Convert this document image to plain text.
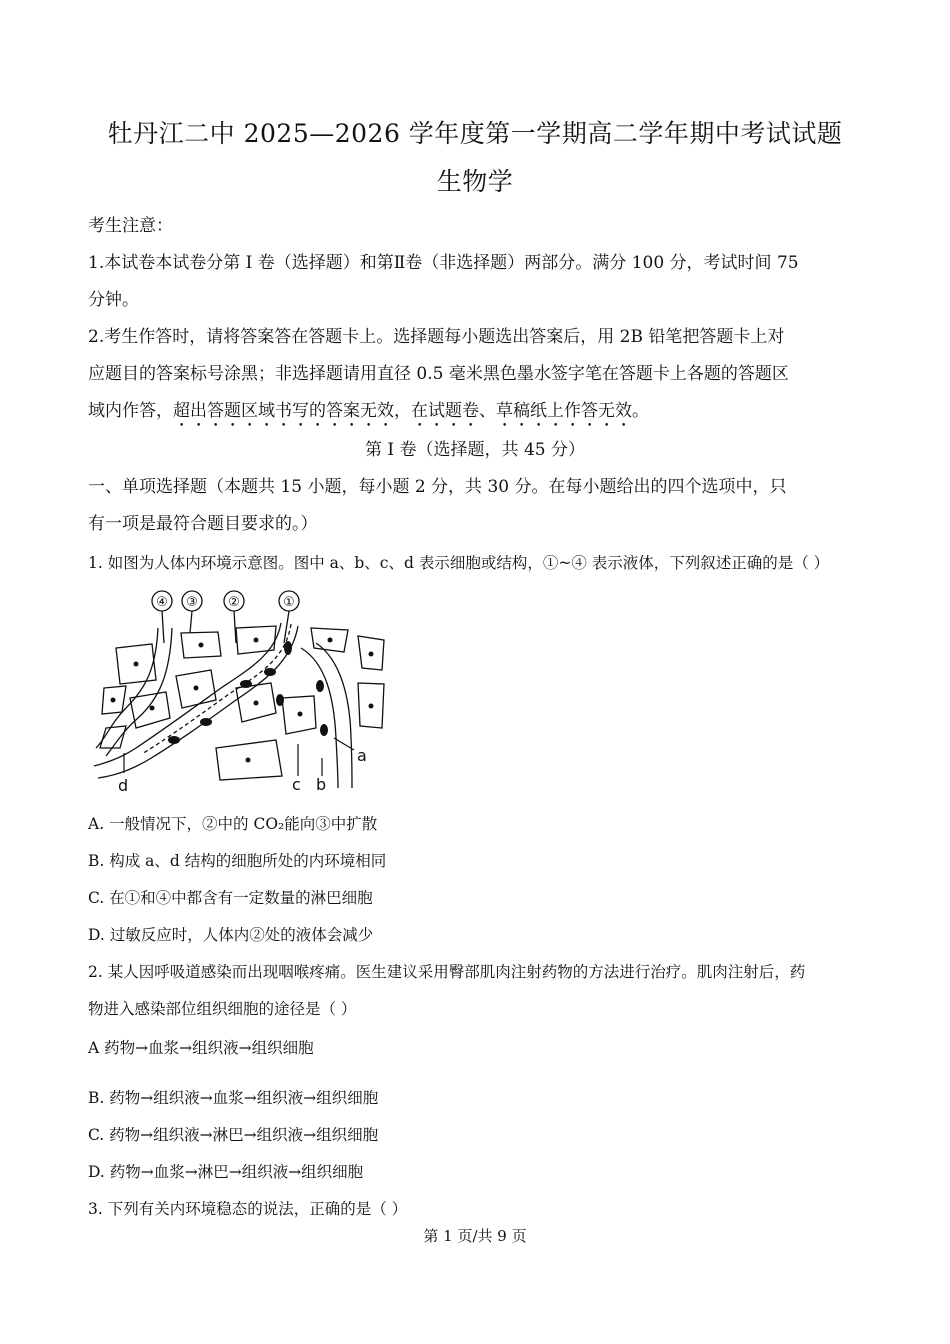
牡丹江二中 2025—2026 学年度第一学期高二学年期中考试试题
生物学
考生注意：
1.本试卷本试卷分第 I 卷（选择题）和第Ⅱ卷（非选择题）两部分。满分 100 分，考试时间 75
分钟。
2.考生作答时，请将答案答在答题卡上。选择题每小题选出答案后，用 2B 铅笔把答题卡上对
应题目的答案标号涂黑；非选择题请用直径 0.5 毫米黑色墨水签字笔在答题卡上各题的答题区
域内作答，超出答题区域书写的答案无效，在试题卷、草稿纸上作答无效。
第 I 卷（选择题，共 45 分）
一、单项选择题（本题共 15 小题，每小题 2 分，共 30 分。在每小题给出的四个选项中，只
有一项是最符合题目要求的。）
1. 如图为人体内环境示意图。图中 a、b、c、d 表示细胞或结构，①~④ 表示液体，下列叙述正确的是（ ）
a
b
c
d
④ ③ ②	①
A. 一般情况下，②中的 CO₂能向③中扩散
B. 构成 a、d 结构的细胞所处的内环境相同
C. 在①和④中都含有一定数量的淋巴细胞
D. 过敏反应时，人体内②处的液体会减少
2. 某人因呼吸道感染而出现咽喉疼痛。医生建议采用臀部肌肉注射药物的方法进行治疗。肌肉注射后，药
物进入感染部位组织细胞的途径是（ ）
A 药物→血浆→组织液→组织细胞
B. 药物→组织液→血浆→组织液→组织细胞
C. 药物→组织液→淋巴→组织液→组织细胞
D. 药物→血浆→淋巴→组织液→组织细胞
3. 下列有关内环境稳态的说法，正确的是（ ）
第 1 页/共 9 页
